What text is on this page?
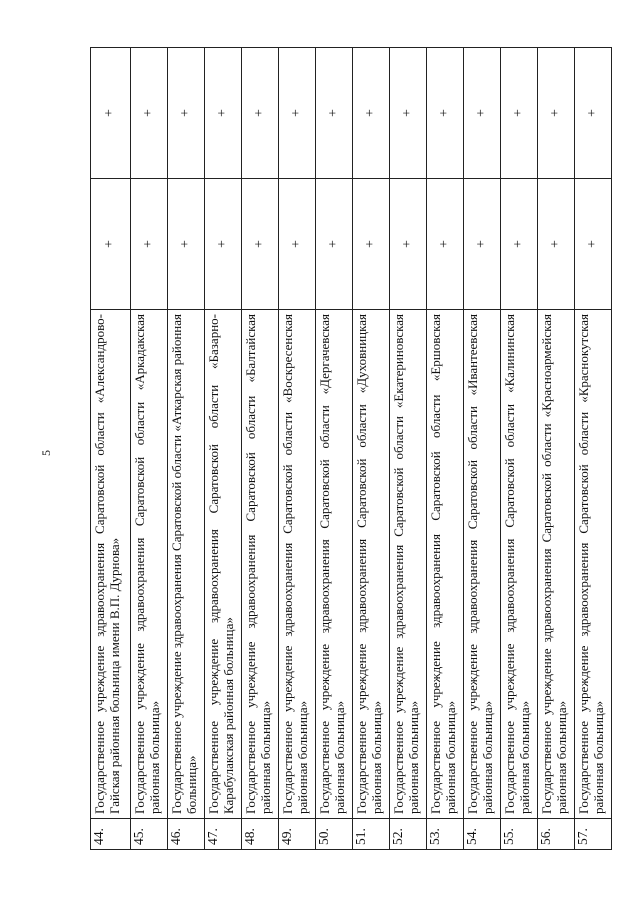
5
44.	Государственное учреждение здравоохранения Саратовской области «Александрово-Гайская районная больница имени В.П. Дурнова»	+	+
45.	Государственное учреждение здравоохранения Саратовской области «Аркадакская районная больница»	+	+
46.	Государственное учреждение здравоохранения Саратовской области «Аткарская районная больница»	+	+
47.	Государственное учреждение здравоохранения Саратовской области «Базарно-Карабулакская районная больница»	+	+
48.	Государственное учреждение здравоохранения Саратовской области «Балтайская районная больница»	+	+
49.	Государственное учреждение здравоохранения Саратовской области «Воскресенская районная больница»	+	+
50.	Государственное учреждение здравоохранения Саратовской области «Дергачевская районная больница»	+	+
51.	Государственное учреждение здравоохранения Саратовской области «Духовницкая районная больница»	+	+
52.	Государственное учреждение здравоохранения Саратовской области «Екатериновская районная больница»	+	+
53.	Государственное учреждение здравоохранения Саратовской области «Ершовская районная больница»	+	+
54.	Государственное учреждение здравоохранения Саратовской области «Ивантеевская районная больница»	+	+
55.	Государственное учреждение здравоохранения Саратовской области «Калининская районная больница»	+	+
56.	Государственное учреждение здравоохранения Саратовской области «Красноармейская районная больница»	+	+
57.	Государственное учреждение здравоохранения Саратовской области «Краснокутская районная больница»	+	+
